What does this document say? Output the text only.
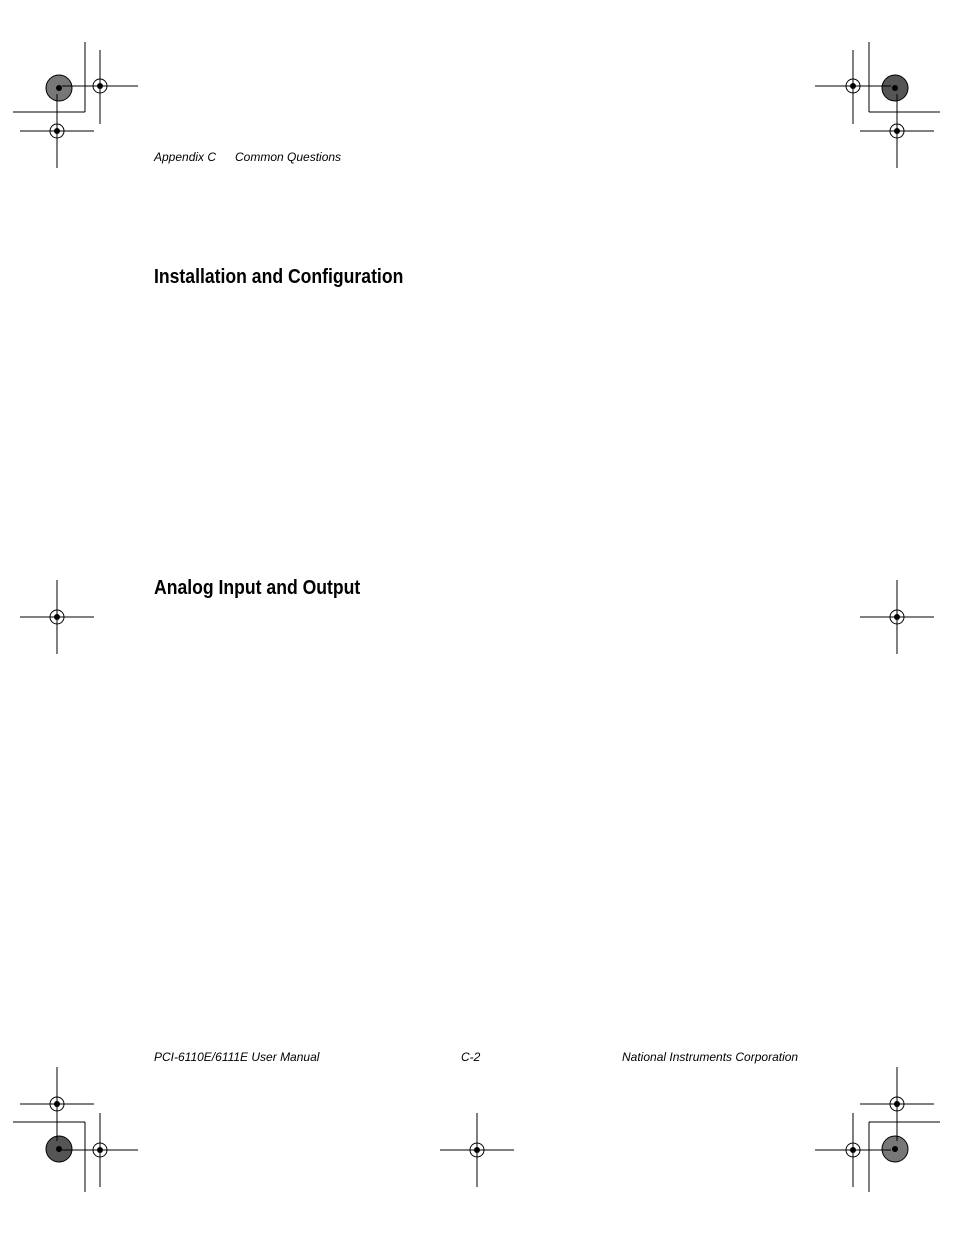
Appendix C Common Questions
Installation and Configuration
Analog Input and Output
PCI-6110E/6111E User Manual	C-2	National Instruments Corporation
